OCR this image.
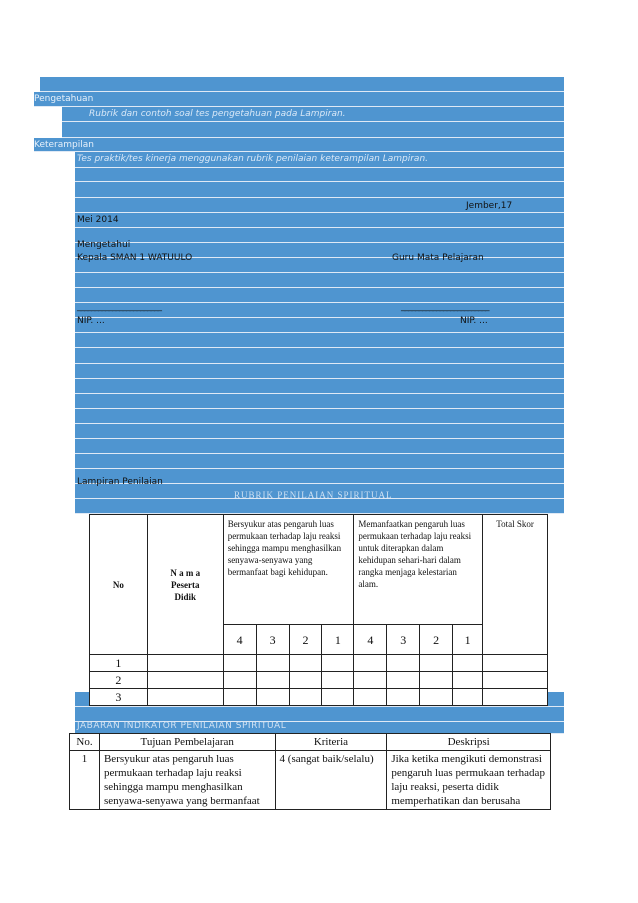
Pengetahuan
Rubrik dan contoh soal tes pengetahuan pada Lampiran.
Keterampilan
Tes praktik/tes kinerja menggunakan rubrik penilaian keterampilan Lampiran.
Jember,17
Mei 2014
Mengetahui
Kepala SMAN 1 WATUULO	Guru Mata Pelajaran
________________________	_________________________
NIP. ...	NIP. ...
Lampiran Penilaian
RUBRIK PENILAIAN SPIRITUAL
No	N a m a
Peserta
Didik	Bersyukur atas pengaruh luas permukaan terhadap laju reaksi sehingga mampu menghasilkan senyawa-senyawa yang bermanfaat bagi kehidupan.				Memanfaatkan pengaruh luas permukaan terhadap laju reaksi untuk diterapkan dalam kehidupan sehari-hari dalam rangka menjaga kelestarian alam.				Total Skor
		4	3	2	1	4	3	2	1	
1										
2										
3										
JABARAN INDIKATOR PENILAIAN SPIRITUAL
No.	Tujuan Pembelajaran	Kriteria	Deskripsi
1	Bersyukur atas pengaruh luas permukaan terhadap laju reaksi sehingga mampu menghasilkan senyawa-senyawa yang bermanfaat	4 (sangat baik/selalu)	Jika ketika mengikuti demonstrasi pengaruh luas permukaan terhadap laju reaksi, peserta didik memperhatikan dan berusaha
